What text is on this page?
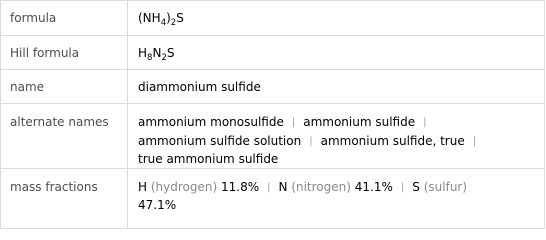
formula	$(NH_4)_2S$

Hill formula	$H_8N_2S$

name	diammonium sulfide

alternate names	ammonium monosulfide | ammonium sulfide |
ammonium sulfide solution | ammonium sulfide, true |
true ammonium sulfide

mass fractions	H (hydrogen) 11.8% | N (nitrogen) 41.1% | S (sulfur)
47.1%
